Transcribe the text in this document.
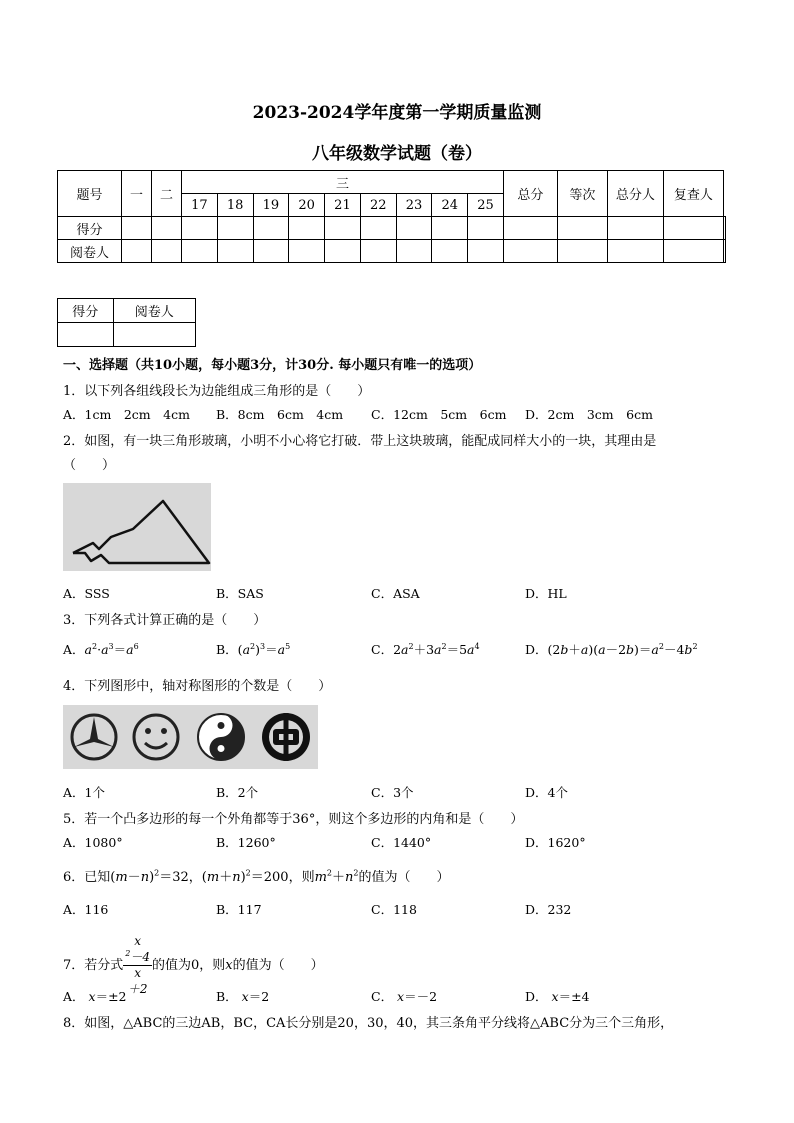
2023-2024学年度第一学期质量监测
八年级数学试题（卷）
题号	一	二	三									总分	等次	总分人	复查人	
			17	18	19	20	21	22	23	24	25					
得分																
阅卷人																
得分	阅卷人

一、选择题（共10小题，每小题3分，计30分. 每小题只有唯一的选项）
1．以下列各组线段长为边能组成三角形的是（　　）
A．1cm　2cm　4cm B．8cm　6cm　4cm C．12cm　5cm　6cm D．2cm　3cm　6cm
2．如图，有一块三角形玻璃，小明不小心将它打破．带上这块玻璃，能配成同样大小的一块，其理由是
（　　）
A．SSS	B．SAS	C．ASA	D．HL
3．下列各式计算正确的是（　　）
A．$a^2\cdot a^3=a^6$	B．$(a^2)^3=a^5$	C．$2a^2+3a^2=5a^4$	D．$(2b+a)(a-2b)=a^2-4b^2$
4．下列图形中，轴对称图形的个数是（　　）
A．1个	B．2个	C．3个	D．4个
5．若一个凸多边形的每一个外角都等于36°，则这个多边形的内角和是（　　）
A．1080°	B．1260°	C．1440°	D．1620°
6．已知$(m-n)^2=32$，$(m+n)^2=200$，则$m^2+n^2$的值为（　　）
A．116	B．117	C．118	D．232
7．若分式 x
$^2$－4
x
＋2 的值为0，则x的值为（　　）
A． x＝±2	B． x＝2	C． x＝－2	D． x＝±4
8．如图，△ABC的三边AB，BC，CA长分别是20，30，40，其三条角平分线将△ABC分为三个三角形，
